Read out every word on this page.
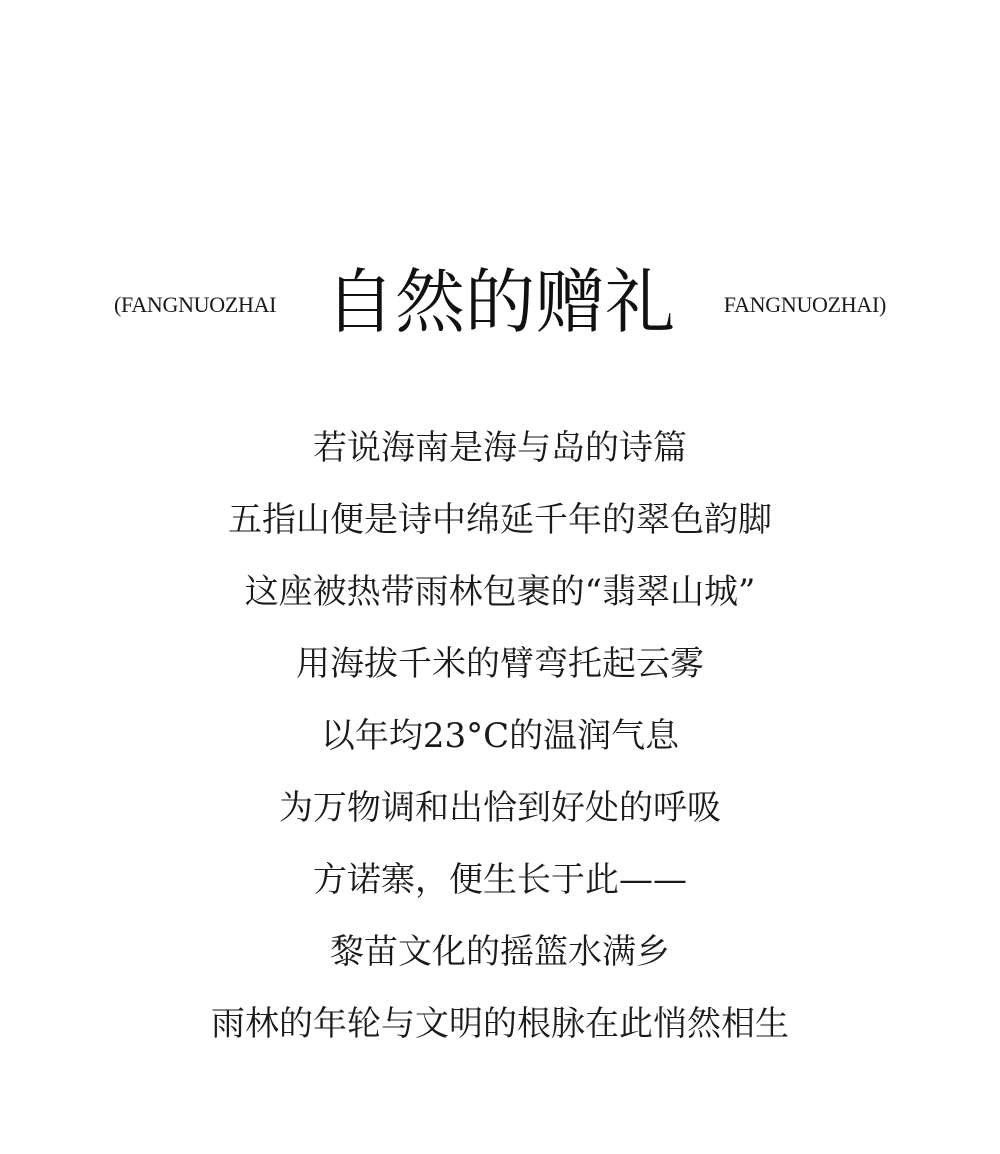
(FANGNUOZHAI 自然的赠礼	FANGNUOZHAI)
若说海南是海与岛的诗篇
五指山便是诗中绵延千年的翠色韵脚
这座被热带雨林包裹的“翡翠山城”
用海拔千米的臂弯托起云雾
以年均23°C的温润气息
为万物调和出恰到好处的呼吸
方诺寨，便生长于此——
黎苗文化的摇篮水满乡
雨林的年轮与文明的根脉在此悄然相生
